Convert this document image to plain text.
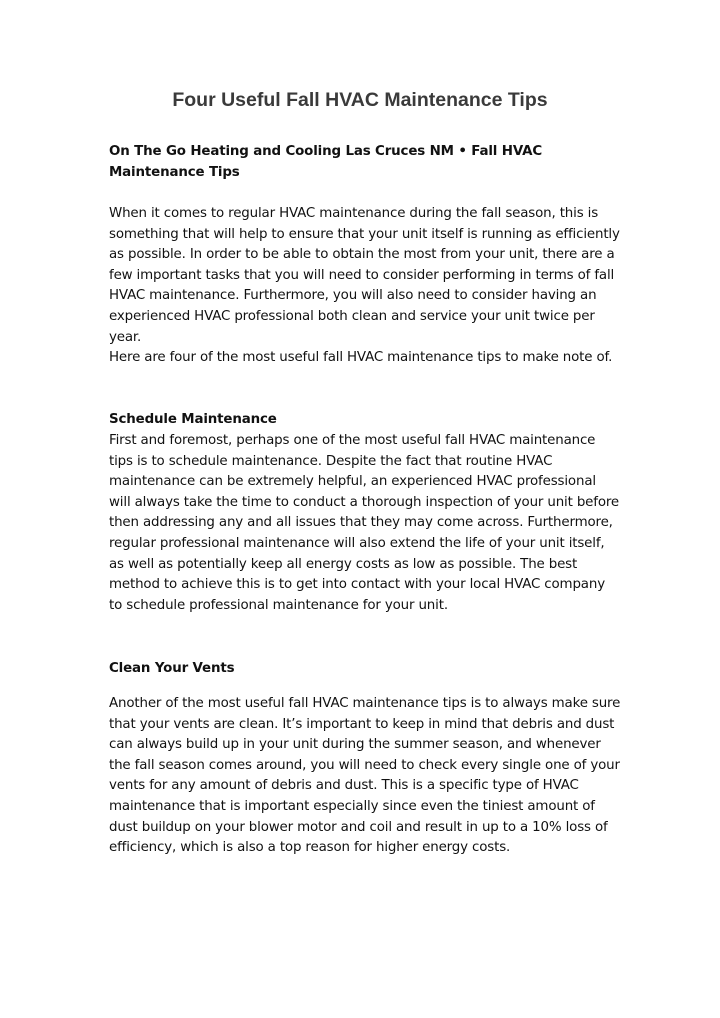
Four Useful Fall HVAC Maintenance Tips

On The Go Heating and Cooling Las Cruces NM • Fall HVAC Maintenance Tips

When it comes to regular HVAC maintenance during the fall season, this is something that will help to ensure that your unit itself is running as efficiently as possible. In order to be able to obtain the most from your unit, there are a few important tasks that you will need to consider performing in terms of fall HVAC maintenance. Furthermore, you will also need to consider having an experienced HVAC professional both clean and service your unit twice per year.

Here are four of the most useful fall HVAC maintenance tips to make note of.

Schedule Maintenance

First and foremost, perhaps one of the most useful fall HVAC maintenance tips is to schedule maintenance. Despite the fact that routine HVAC maintenance can be extremely helpful, an experienced HVAC professional will always take the time to conduct a thorough inspection of your unit before then addressing any and all issues that they may come across. Furthermore, regular professional maintenance will also extend the life of your unit itself, as well as potentially keep all energy costs as low as possible. The best method to achieve this is to get into contact with your local HVAC company to schedule professional maintenance for your unit.

Clean Your Vents

Another of the most useful fall HVAC maintenance tips is to always make sure that your vents are clean. It’s important to keep in mind that debris and dust can always build up in your unit during the summer season, and whenever the fall season comes around, you will need to check every single one of your vents for any amount of debris and dust. This is a specific type of HVAC maintenance that is important especially since even the tiniest amount of dust buildup on your blower motor and coil and result in up to a 10% loss of efficiency, which is also a top reason for higher energy costs.
